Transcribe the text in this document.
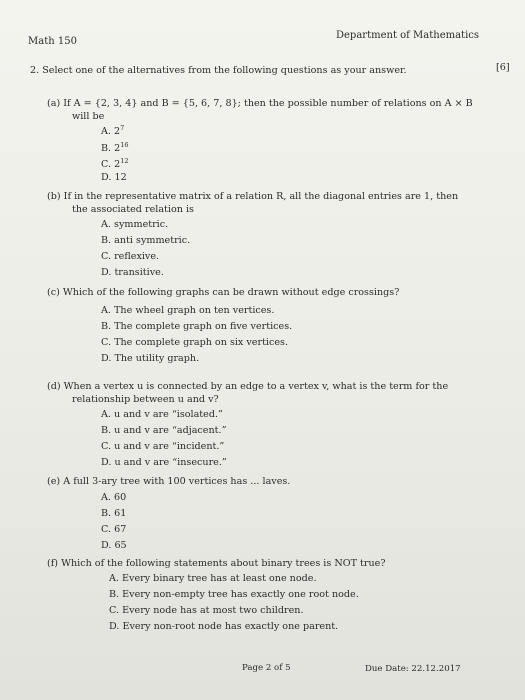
Math 150
Department of Mathematics
2. Select one of the alternatives from the following questions as your answer.	[6]
(a) If A = {2, 3, 4} and B = {5, 6, 7, 8}; then the possible number of relations on A × B
will be
A. $2^7$
B. $2^{16}$
C. $2^{12}$
D. 12
(b) If in the representative matrix of a relation R, all the diagonal entries are 1, then
the associated relation is
A. symmetric.
B. anti symmetric.
C. reflexive.
D. transitive.
(c) Which of the following graphs can be drawn without edge crossings?
A. The wheel graph on ten vertices.
B. The complete graph on five vertices.
C. The complete graph on six vertices.
D. The utility graph.
(d) When a vertex u is connected by an edge to a vertex v, what is the term for the
relationship between u and v?
A. u and v are “isolated.”
B. u and v are “adjacent.”
C. u and v are “incident.”
D. u and v are “insecure.”
(e) A full 3-ary tree with 100 vertices has ... laves.
A. 60
B. 61
C. 67
D. 65
(f) Which of the following statements about binary trees is NOT true?
A. Every binary tree has at least one node.
B. Every non-empty tree has exactly one root node.
C. Every node has at most two children.
D. Every non-root node has exactly one parent.
Page 2 of 5	Due Date: 22.12.2017
